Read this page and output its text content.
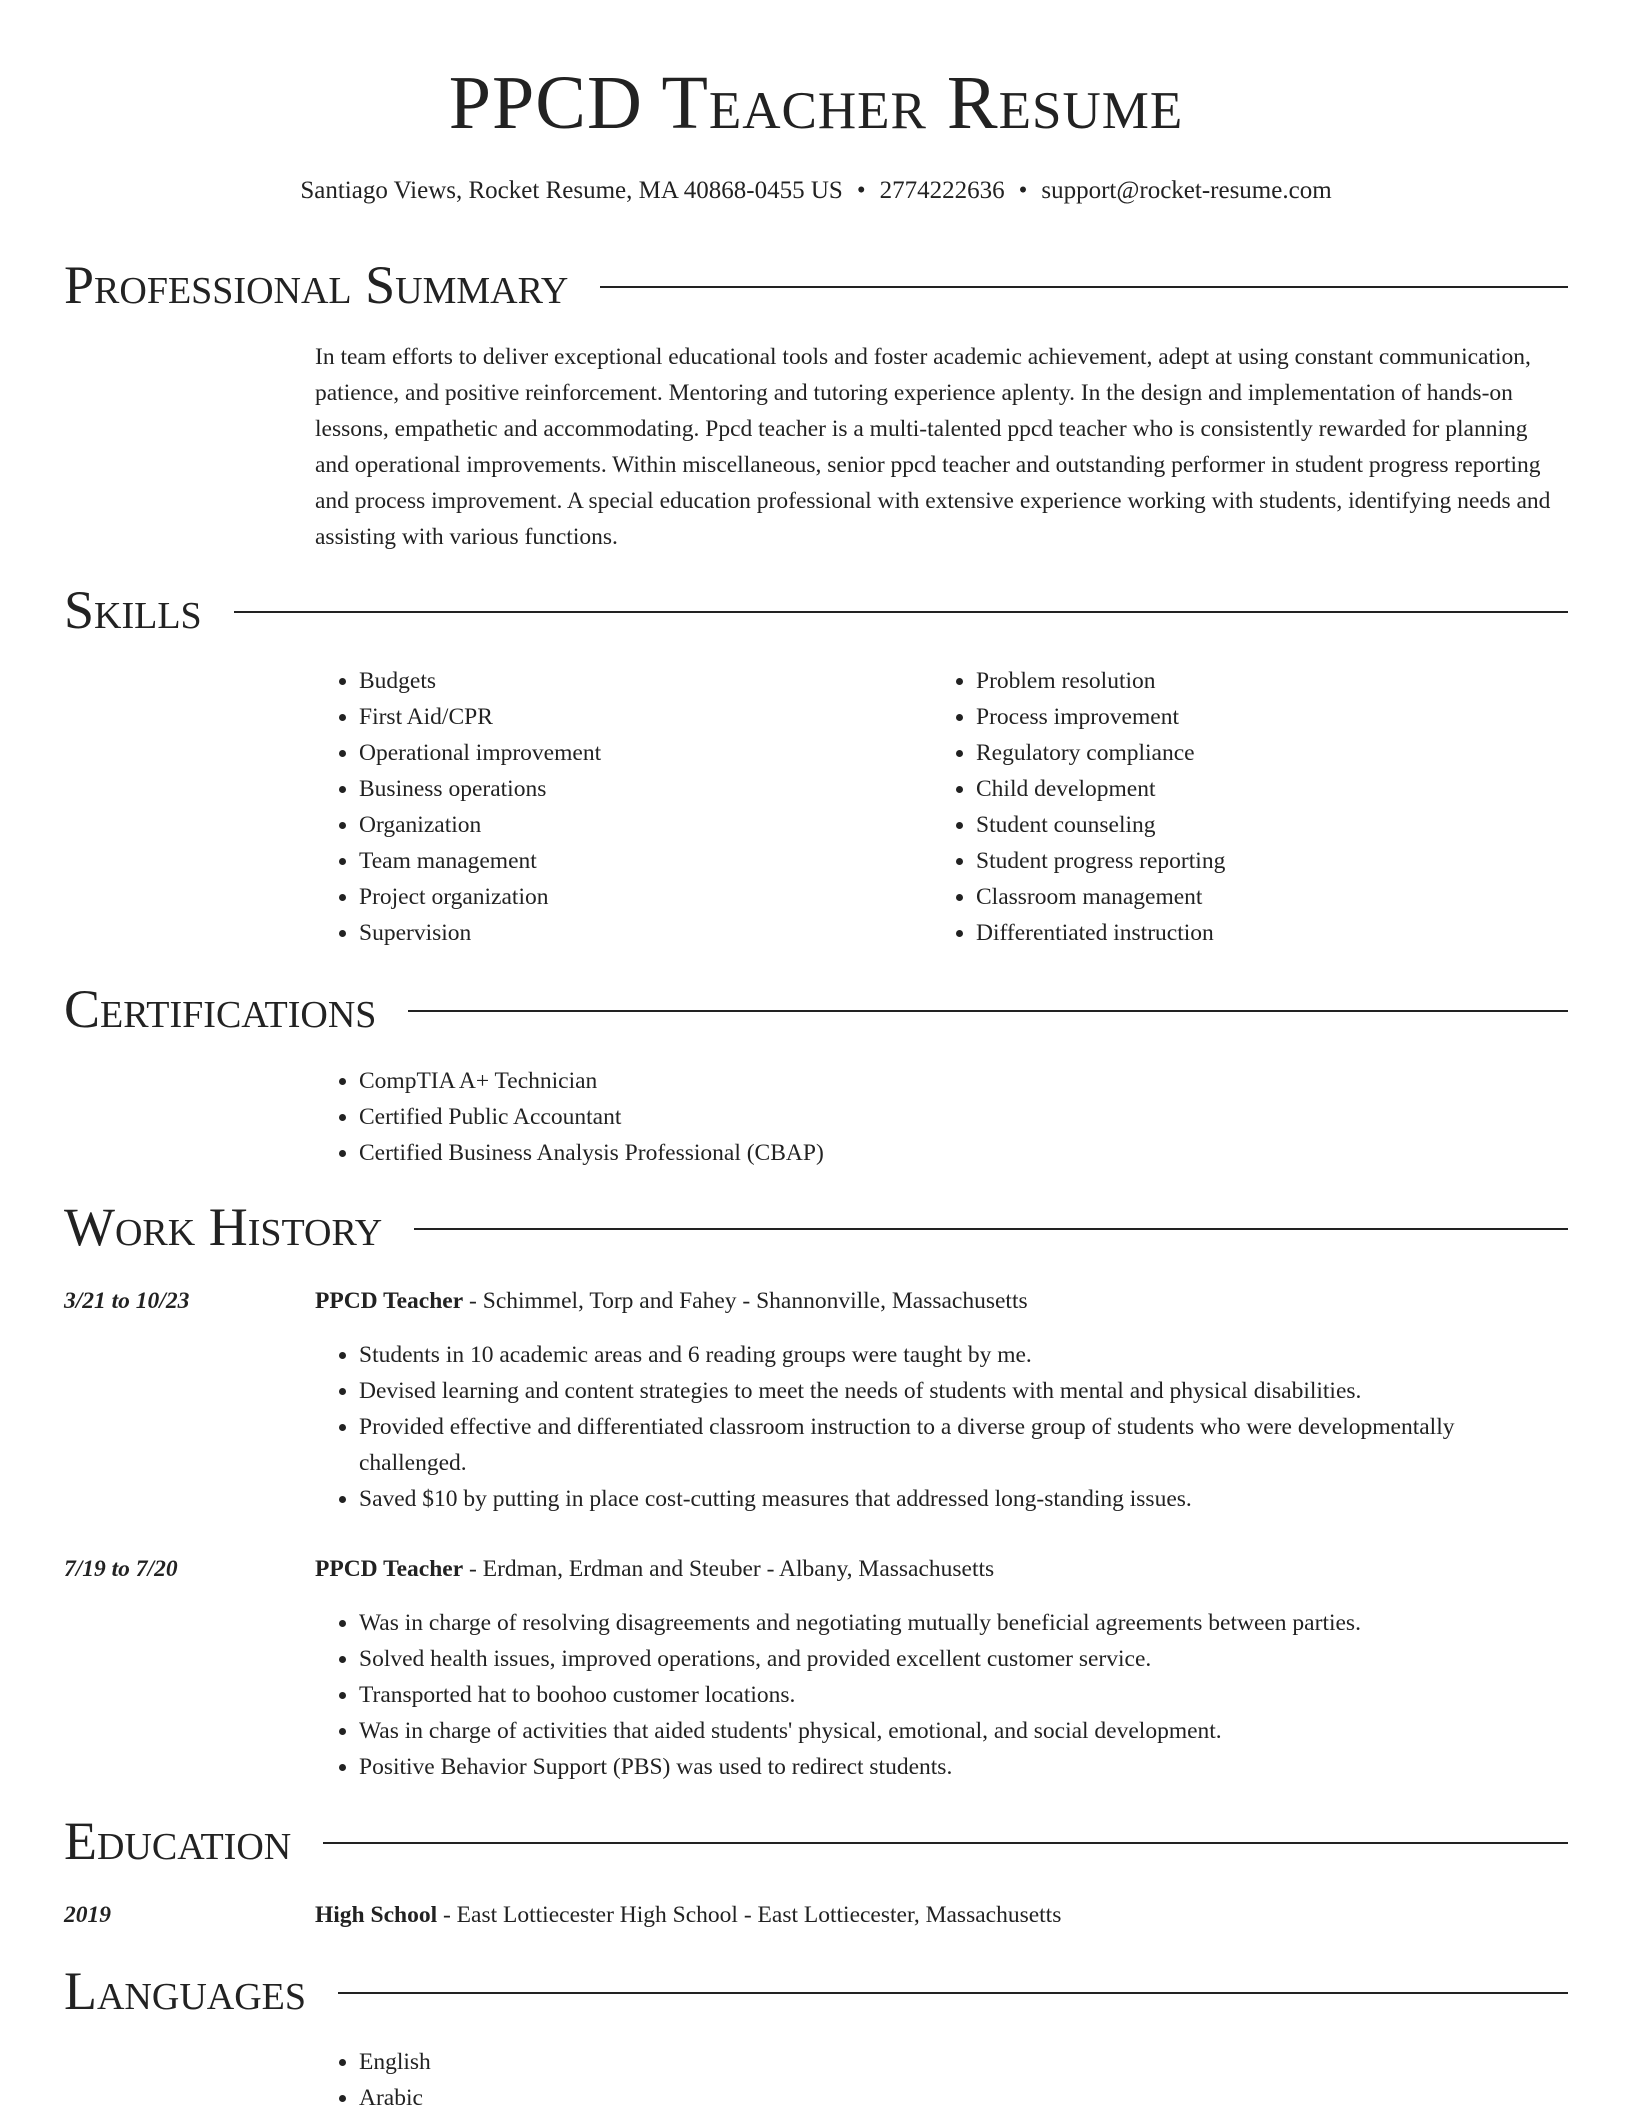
PPCD Teacher Resume
Santiago Views, Rocket Resume, MA 40868-0455 US • 2774222636 • support@rocket-resume.com
Professional Summary
In team efforts to deliver exceptional educational tools and foster academic achievement, adept at using constant communication, patience, and positive reinforcement. Mentoring and tutoring experience aplenty. In the design and implementation of hands-on lessons, empathetic and accommodating. Ppcd teacher is a multi-talented ppcd teacher who is consistently rewarded for planning and operational improvements. Within miscellaneous, senior ppcd teacher and outstanding performer in student progress reporting and process improvement. A special education professional with extensive experience working with students, identifying needs and assisting with various functions.
Skills
• Budgets
• First Aid/CPR
• Operational improvement
• Business operations
• Organization
• Team management
• Project organization
• Supervision
• Problem resolution
• Process improvement
• Regulatory compliance
• Child development
• Student counseling
• Student progress reporting
• Classroom management
• Differentiated instruction
Certifications
• CompTIA A+ Technician
• Certified Public Accountant
• Certified Business Analysis Professional (CBAP)
Work History
3/21 to 10/23	PPCD Teacher - Schimmel, Torp and Fahey - Shannonville, Massachusetts
• Students in 10 academic areas and 6 reading groups were taught by me.
• Devised learning and content strategies to meet the needs of students with mental and physical disabilities.
• Provided effective and differentiated classroom instruction to a diverse group of students who were developmentally challenged.
• Saved $10 by putting in place cost-cutting measures that addressed long-standing issues.
7/19 to 7/20	PPCD Teacher - Erdman, Erdman and Steuber - Albany, Massachusetts
• Was in charge of resolving disagreements and negotiating mutually beneficial agreements between parties.
• Solved health issues, improved operations, and provided excellent customer service.
• Transported hat to boohoo customer locations.
• Was in charge of activities that aided students' physical, emotional, and social development.
• Positive Behavior Support (PBS) was used to redirect students.
Education
2019	High School - East Lottiecester High School - East Lottiecester, Massachusetts
Languages
• English
• Arabic
